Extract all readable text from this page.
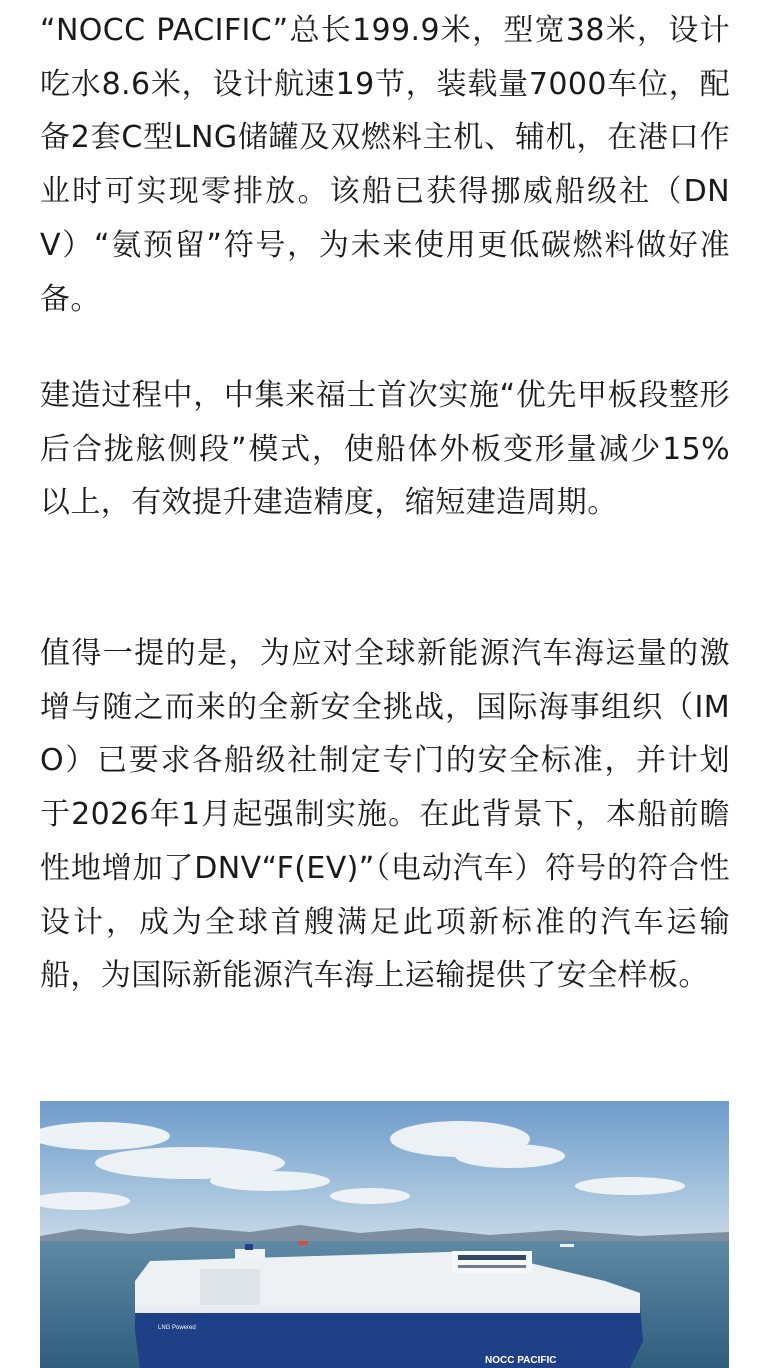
“NOCC PACIFIC”总长199.9米，型宽38米，设计吃水8.6米，设计航速19节，装载量7000车位，配备2套C型LNG储罐及双燃料主机、辅机，在港口作业时可实现零排放。该船已获得挪威船级社（DNV）“氨预留”符号，为未来使用更低碳燃料做好准备。

建造过程中，中集来福士首次实施“优先甲板段整形后合拢舷侧段”模式，使船体外板变形量减少15%以上，有效提升建造精度，缩短建造周期。

值得一提的是，为应对全球新能源汽车海运量的激增与随之而来的全新安全挑战，国际海事组织（IMO）已要求各船级社制定专门的安全标准，并计划于2026年1月起强制实施。在此背景下，本船前瞻性地增加了DNV“F(EV)”（电动汽车）符号的符合性设计，成为全球首艘满足此项新标准的汽车运输船，为国际新能源汽车海上运输提供了安全样板。

NOCC PACIFIC
LNG Powered
